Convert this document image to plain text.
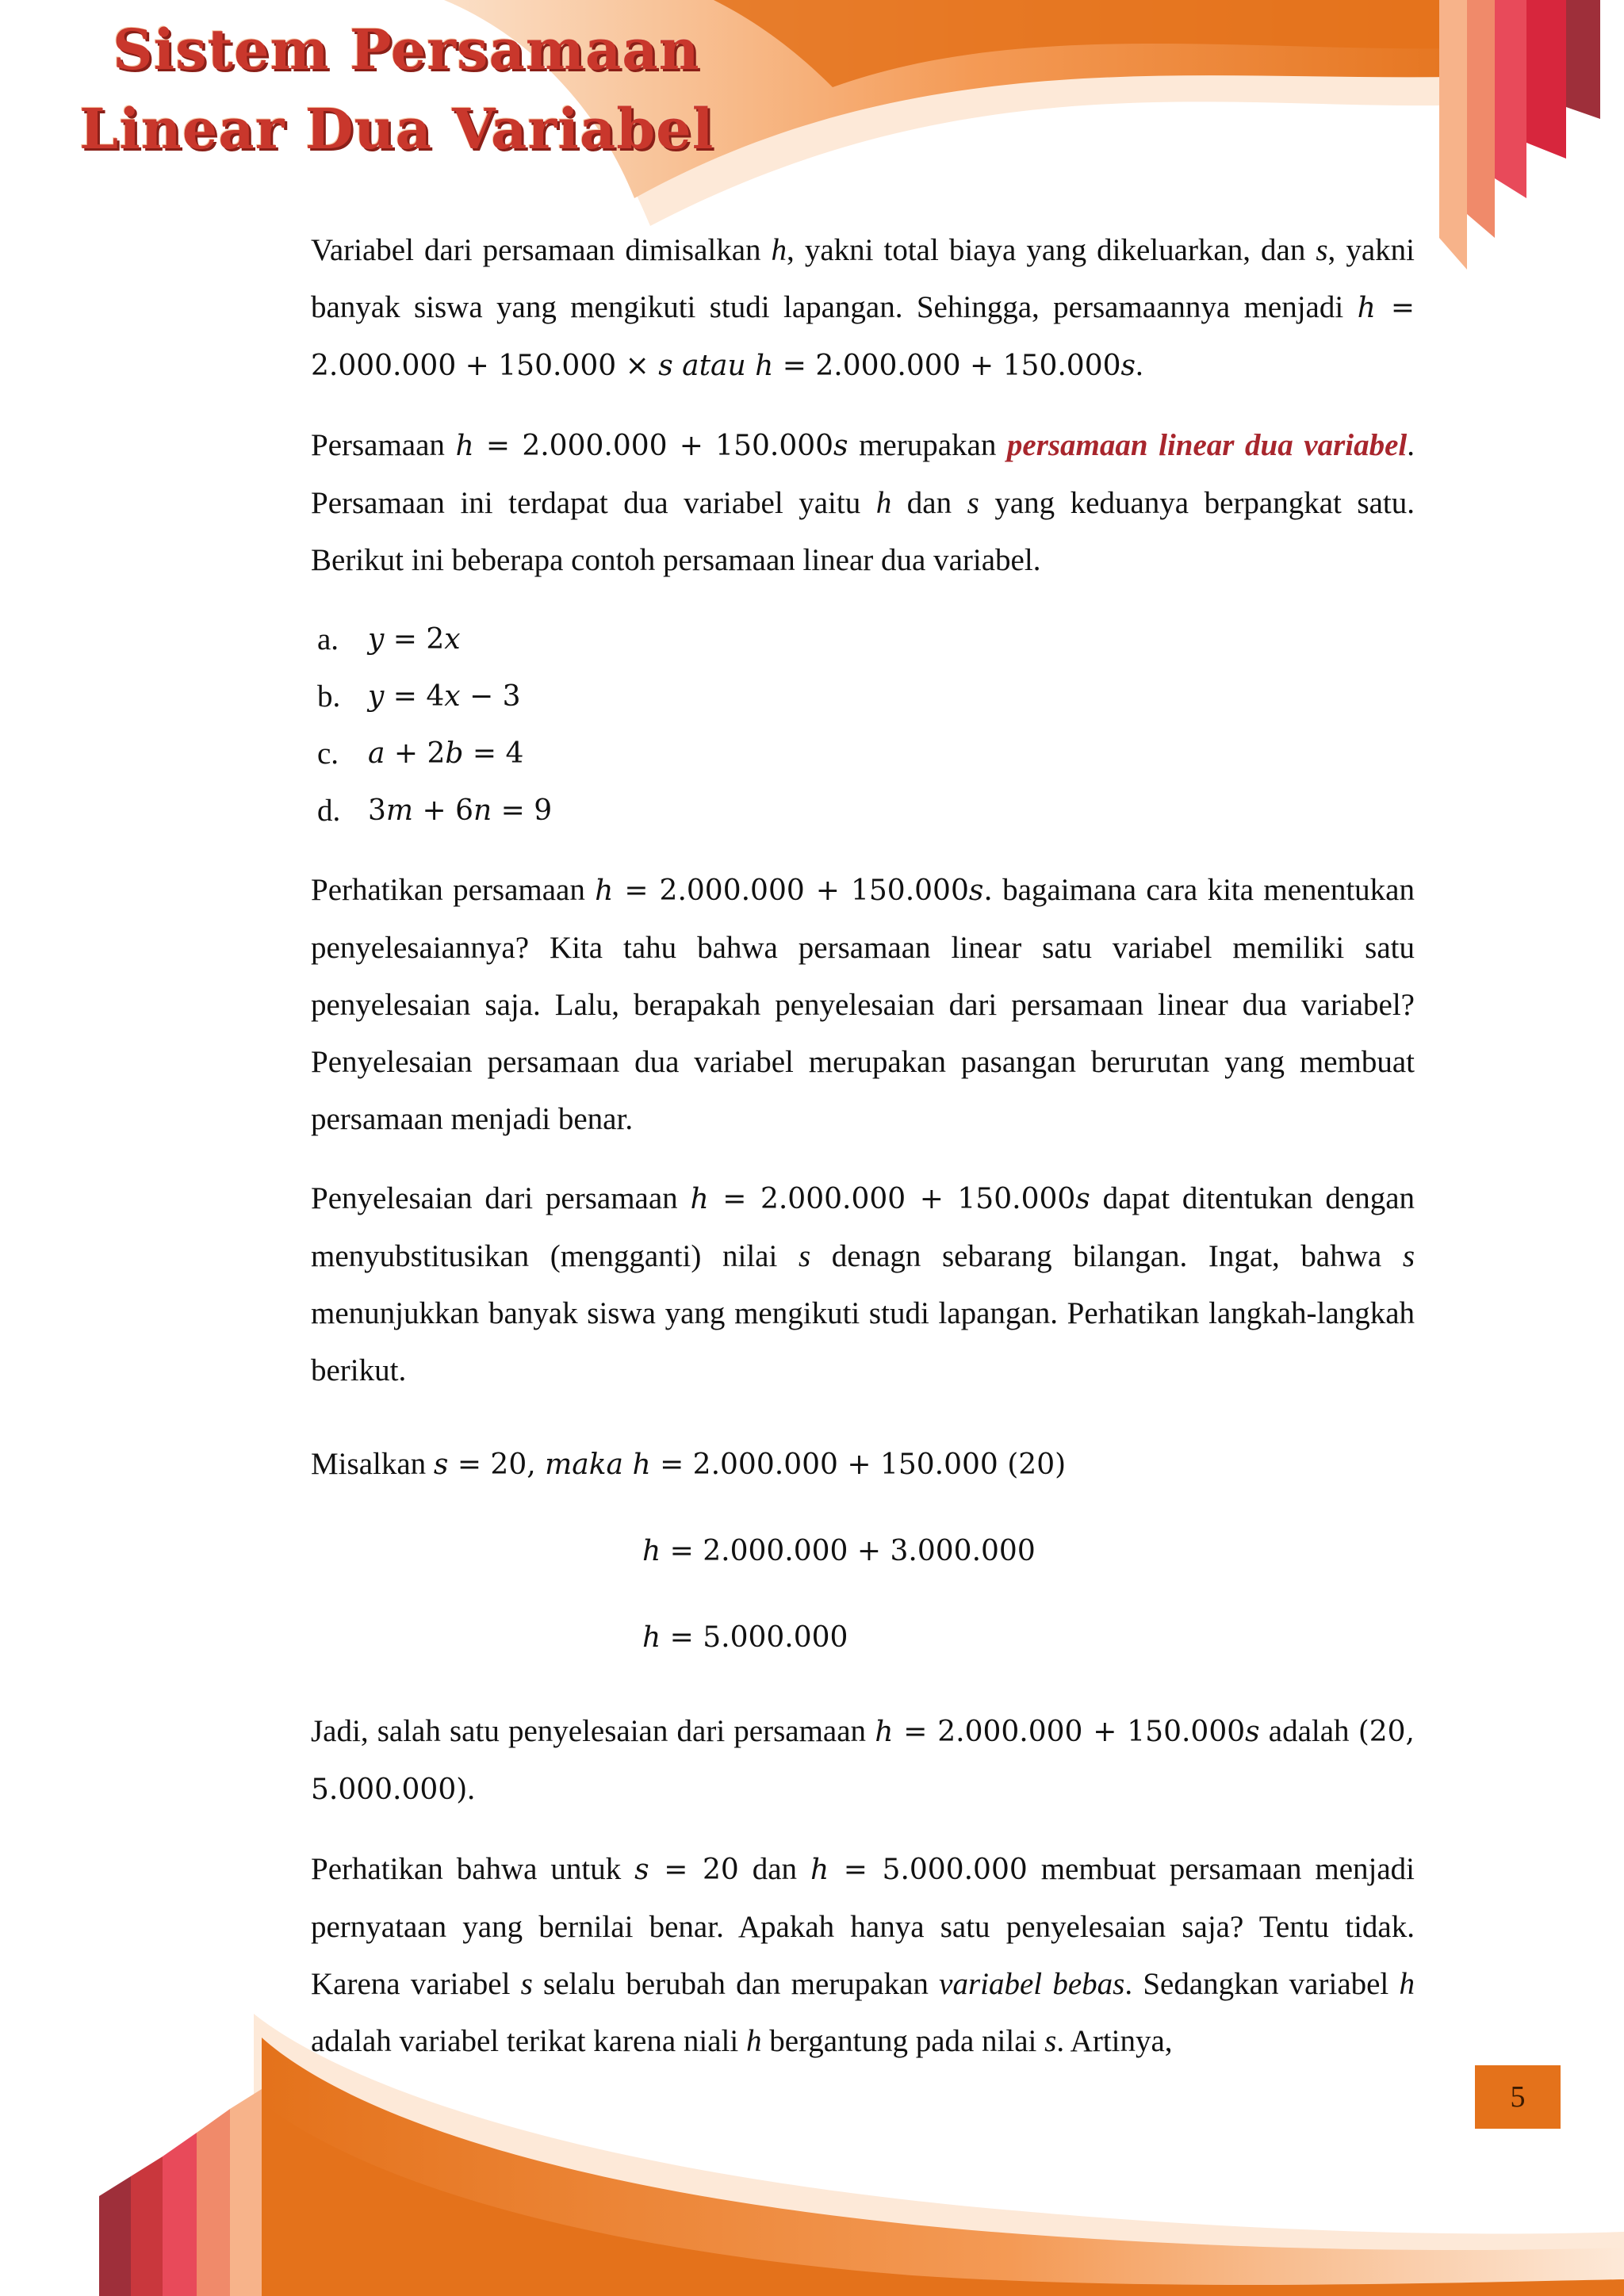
Sistem Persamaan
Linear Dua Variabel

Variabel dari persamaan dimisalkan h, yakni total biaya yang dikeluarkan, dan s, yakni banyak siswa yang mengikuti studi lapangan. Sehingga, persamaannya menjadi ℎ = 2.000.000 + 150.000 × 𝑠 𝑎𝑡𝑎𝑢 ℎ = 2.000.000 + 150.000𝑠.

Persamaan ℎ = 2.000.000 + 150.000𝑠 merupakan persamaan linear dua variabel. Persamaan ini terdapat dua variabel yaitu h dan s yang keduanya berpangkat satu. Berikut ini beberapa contoh persamaan linear dua variabel.

a.	𝑦 = 2𝑥
b. 𝑦 = 4𝑥 − 3
c.	𝑎 + 2𝑏 = 4
d. 3𝑚 + 6𝑛 = 9

Perhatikan persamaan ℎ = 2.000.000 + 150.000𝑠. bagaimana cara kita menentukan penyelesaiannya? Kita tahu bahwa persamaan linear satu variabel memiliki satu penyelesaian saja. Lalu, berapakah penyelesaian dari persamaan linear dua variabel? Penyelesaian persamaan dua variabel merupakan pasangan berurutan yang membuat persamaan menjadi benar.

Penyelesaian dari persamaan ℎ = 2.000.000 + 150.000𝑠 dapat ditentukan dengan menyubstitusikan (mengganti) nilai s denagn sebarang bilangan. Ingat, bahwa s menunjukkan banyak siswa yang mengikuti studi lapangan. Perhatikan langkah-langkah berikut.

Misalkan 𝑠 = 20, 𝑚𝑎𝑘𝑎 ℎ = 2.000.000 + 150.000 (20)

ℎ = 2.000.000 + 3.000.000

ℎ = 5.000.000

Jadi, salah satu penyelesaian dari persamaan ℎ = 2.000.000 + 150.000𝑠 adalah (20, 5.000.000).

Perhatikan bahwa untuk 𝑠 = 20 dan ℎ = 5.000.000 membuat persamaan menjadi pernyataan yang bernilai benar. Apakah hanya satu penyelesaian saja? Tentu tidak. Karena variabel s selalu berubah dan merupakan variabel bebas. Sedangkan variabel h adalah variabel terikat karena niali h bergantung pada nilai s. Artinya,

5
